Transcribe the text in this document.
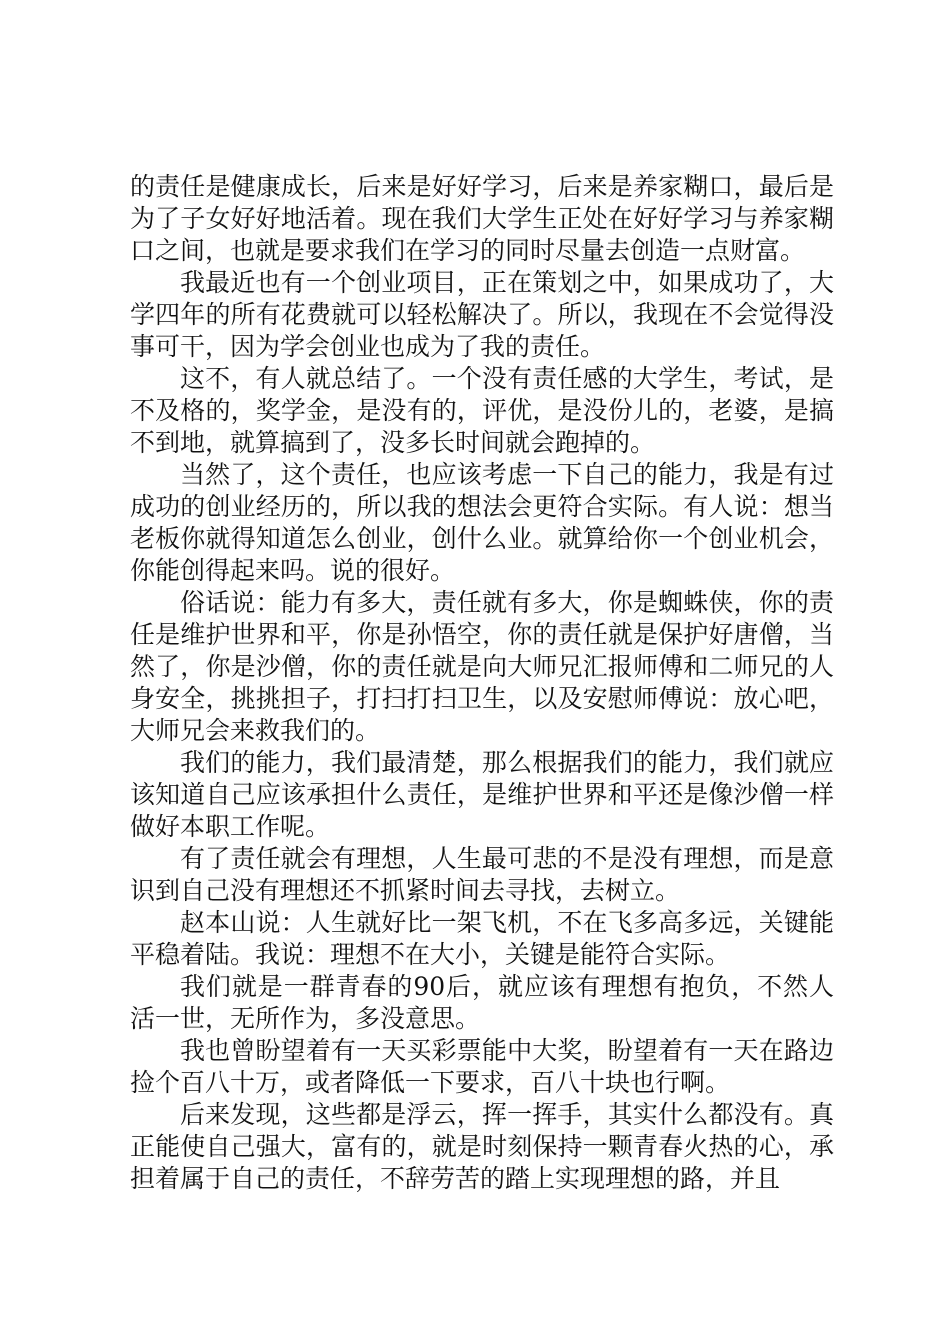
的责任是健康成长，后来是好好学习，后来是养家糊口，最后是为了子女好好地活着。现在我们大学生正处在好好学习与养家糊口之间，也就是要求我们在学习的同时尽量去创造一点财富。

我最近也有一个创业项目，正在策划之中，如果成功了，大学四年的所有花费就可以轻松解决了。所以，我现在不会觉得没事可干，因为学会创业也成为了我的责任。

这不，有人就总结了。一个没有责任感的大学生，考试，是不及格的，奖学金，是没有的，评优，是没份儿的，老婆，是搞不到地，就算搞到了，没多长时间就会跑掉的。

当然了，这个责任，也应该考虑一下自己的能力，我是有过成功的创业经历的，所以我的想法会更符合实际。有人说：想当老板你就得知道怎么创业，创什么业。就算给你一个创业机会，你能创得起来吗。说的很好。

俗话说：能力有多大，责任就有多大，你是蜘蛛侠，你的责任是维护世界和平，你是孙悟空，你的责任就是保护好唐僧，当然了，你是沙僧，你的责任就是向大师兄汇报师傅和二师兄的人身安全，挑挑担子，打扫打扫卫生，以及安慰师傅说：放心吧，大师兄会来救我们的。

我们的能力，我们最清楚，那么根据我们的能力，我们就应该知道自己应该承担什么责任，是维护世界和平还是像沙僧一样做好本职工作呢。

有了责任就会有理想，人生最可悲的不是没有理想，而是意识到自己没有理想还不抓紧时间去寻找，去树立。

赵本山说：人生就好比一架飞机，不在飞多高多远，关键能平稳着陆。我说：理想不在大小，关键是能符合实际。

我们就是一群青春的90后，就应该有理想有抱负，不然人活一世，无所作为，多没意思。

我也曾盼望着有一天买彩票能中大奖，盼望着有一天在路边捡个百八十万，或者降低一下要求，百八十块也行啊。

后来发现，这些都是浮云，挥一挥手，其实什么都没有。真正能使自己强大，富有的，就是时刻保持一颗青春火热的心，承担着属于自己的责任，不辞劳苦的踏上实现理想的路，并且
